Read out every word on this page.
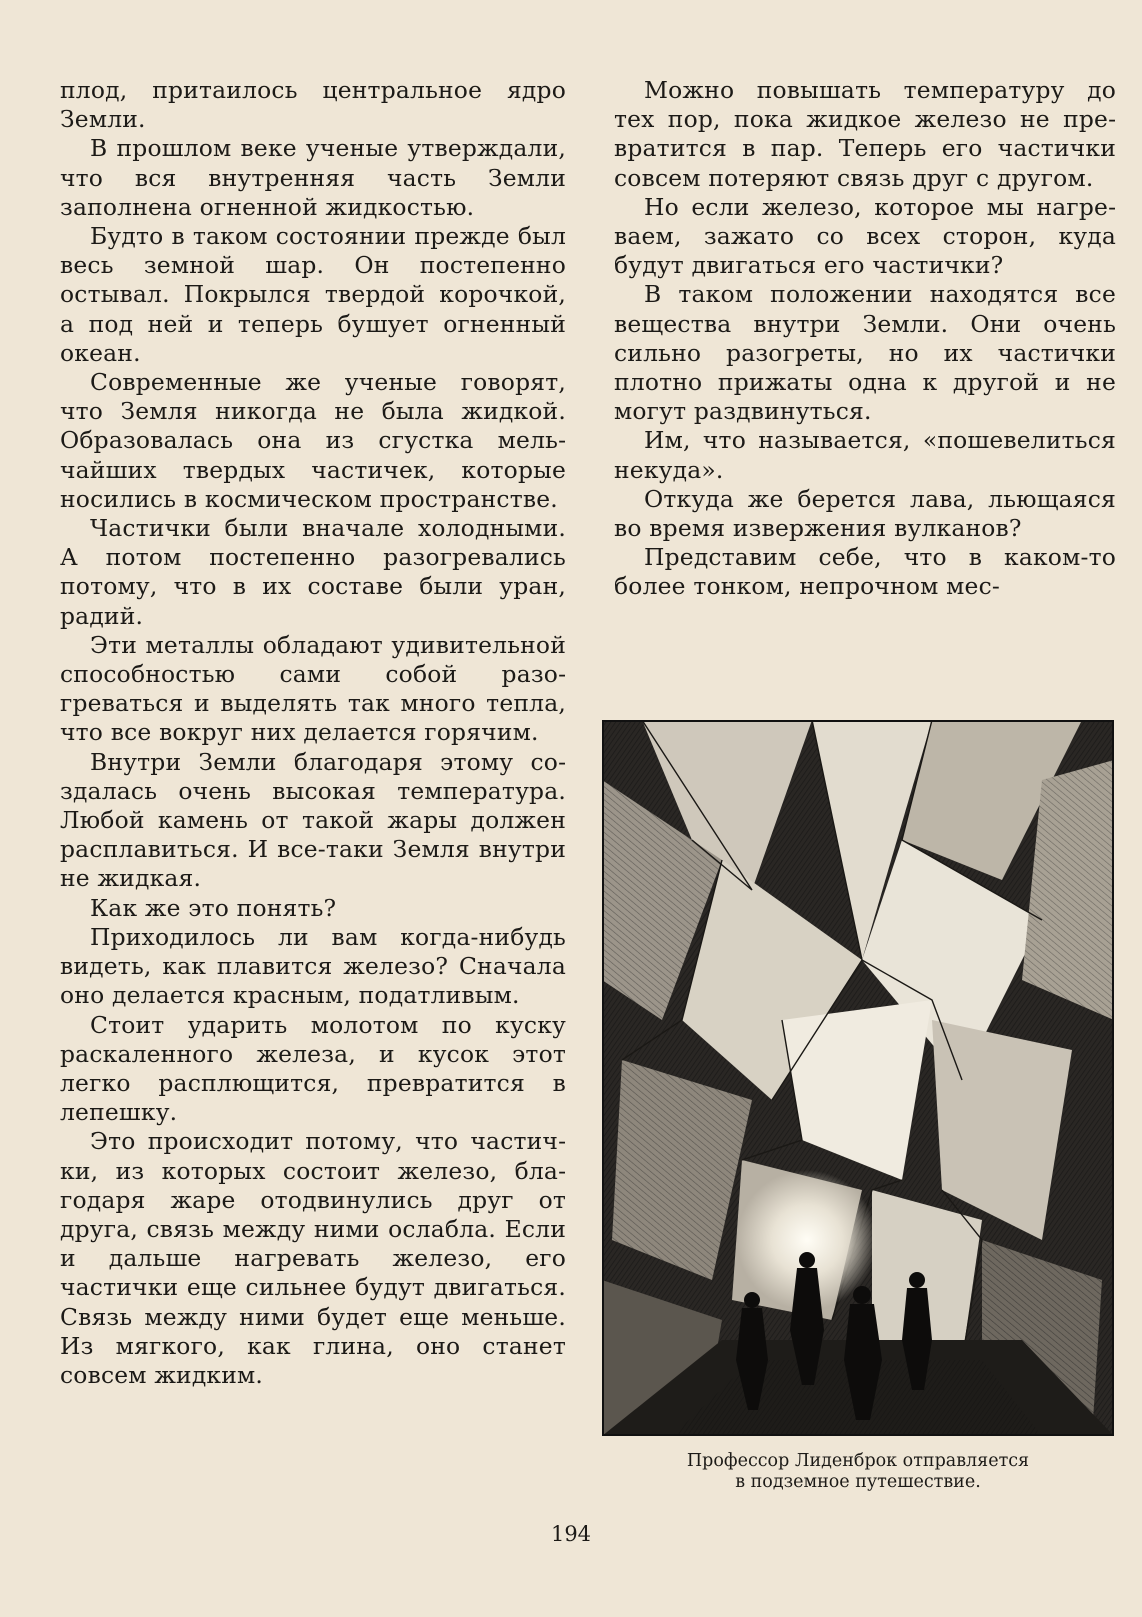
плод, притаилось центральное ядро Земли.

В прошлом веке ученые утверждали, что вся внутренняя часть Земли заполнена огненной жидкостью.

Будто в таком состоянии прежде был весь земной шар. Он постепенно остывал. Покрылся твердой корочкой, а под ней и теперь бушует огненный океан.

Современные же ученые говорят, что Земля никогда не была жидкой. Образовалась она из сгустка мельчайших твердых частичек, которые носились в космическом пространстве.

Частички были вначале холодными. А потом постепенно разогревались потому, что в их составе были уран, радий.

Эти металлы обладают удивительной способностью сами собой разогреваться и выделять так много тепла, что все вокруг них делается горячим.

Внутри Земли благодаря этому создалась очень высокая температура. Любой камень от такой жары должен расплавиться. И все-таки Земля внутри не жидкая.

Как же это понять?

Приходилось ли вам когда-нибудь видеть, как плавится железо? Сначала оно делается красным, податливым.

Стоит ударить молотом по куску раскаленного железа, и кусок этот легко расплющится, превратится в лепешку.

Это происходит потому, что частички, из которых состоит железо, благодаря жаре отодвинулись друг от друга, связь между ними ослабла. Если и дальше нагревать железо, его частички еще сильнее будут двигаться. Связь между ними будет еще меньше. Из мягкого, как глина, оно станет совсем жидким.

Можно повышать температуру до тех пор, пока жидкое железо не превратится в пар. Теперь его частички совсем потеряют связь друг с другом.

Но если железо, которое мы нагреваем, зажато со всех сторон, куда будут двигаться его частички?

В таком положении находятся все вещества внутри Земли. Они очень сильно разогреты, но их частички плотно прижаты одна к другой и не могут раздвинуться.

Им, что называется, «пошевелиться некуда».

Откуда же берется лава, льющаяся во время извержения вулканов?

Представим себе, что в каком-то более тонком, непрочном мес-

Профессор Лиденброк отправляется
в подземное путешествие.
194
